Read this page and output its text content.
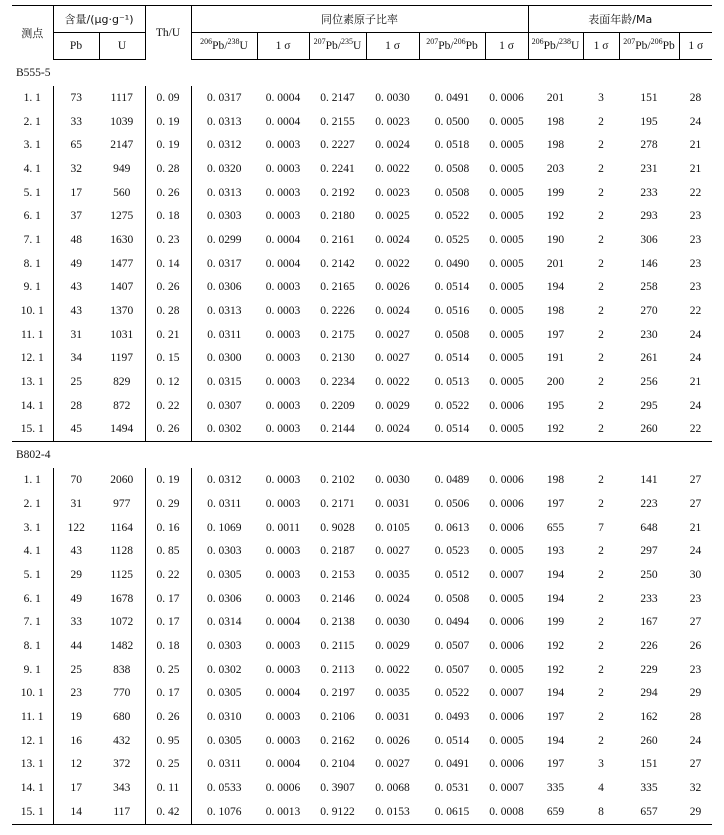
测点	含量/(μg·g⁻¹)		Th/U	同位素原子比率						表面年龄/Ma			
	Pb	U		$^{206}$Pb/$^{238}$U	1 σ	$^{207}$Pb/$^{235}$U	1 σ	$^{207}$Pb/$^{206}$Pb	1 σ	$^{206}$Pb/$^{238}$U	1 σ	$^{207}$Pb/$^{206}$Pb	1 σ
B555-5													
1. 1	73	1117	0. 09	0. 0317	0. 0004	0. 2147	0. 0030	0. 0491	0. 0006	201	3	151	28
2. 1	33	1039	0. 19	0. 0313	0. 0004	0. 2155	0. 0023	0. 0500	0. 0005	198	2	195	24
3. 1	65	2147	0. 19	0. 0312	0. 0003	0. 2227	0. 0024	0. 0518	0. 0005	198	2	278	21
4. 1	32	949	0. 28	0. 0320	0. 0003	0. 2241	0. 0022	0. 0508	0. 0005	203	2	231	21
5. 1	17	560	0. 26	0. 0313	0. 0003	0. 2192	0. 0023	0. 0508	0. 0005	199	2	233	22
6. 1	37	1275	0. 18	0. 0303	0. 0003	0. 2180	0. 0025	0. 0522	0. 0005	192	2	293	23
7. 1	48	1630	0. 23	0. 0299	0. 0004	0. 2161	0. 0024	0. 0525	0. 0005	190	2	306	23
8. 1	49	1477	0. 14	0. 0317	0. 0004	0. 2142	0. 0022	0. 0490	0. 0005	201	2	146	23
9. 1	43	1407	0. 26	0. 0306	0. 0003	0. 2165	0. 0026	0. 0514	0. 0005	194	2	258	23
10. 1	43	1370	0. 28	0. 0313	0. 0003	0. 2226	0. 0024	0. 0516	0. 0005	198	2	270	22
11. 1	31	1031	0. 21	0. 0311	0. 0003	0. 2175	0. 0027	0. 0508	0. 0005	197	2	230	24
12. 1	34	1197	0. 15	0. 0300	0. 0003	0. 2130	0. 0027	0. 0514	0. 0005	191	2	261	24
13. 1	25	829	0. 12	0. 0315	0. 0003	0. 2234	0. 0022	0. 0513	0. 0005	200	2	256	21
14. 1	28	872	0. 22	0. 0307	0. 0003	0. 2209	0. 0029	0. 0522	0. 0006	195	2	295	24
15. 1	45	1494	0. 26	0. 0302	0. 0003	0. 2144	0. 0024	0. 0514	0. 0005	192	2	260	22
B802-4													
1. 1	70	2060	0. 19	0. 0312	0. 0003	0. 2102	0. 0030	0. 0489	0. 0006	198	2	141	27
2. 1	31	977	0. 29	0. 0311	0. 0003	0. 2171	0. 0031	0. 0506	0. 0006	197	2	223	27
3. 1	122	1164	0. 16	0. 1069	0. 0011	0. 9028	0. 0105	0. 0613	0. 0006	655	7	648	21
4. 1	43	1128	0. 85	0. 0303	0. 0003	0. 2187	0. 0027	0. 0523	0. 0005	193	2	297	24
5. 1	29	1125	0. 22	0. 0305	0. 0003	0. 2153	0. 0035	0. 0512	0. 0007	194	2	250	30
6. 1	49	1678	0. 17	0. 0306	0. 0003	0. 2146	0. 0024	0. 0508	0. 0005	194	2	233	23
7. 1	33	1072	0. 17	0. 0314	0. 0004	0. 2138	0. 0030	0. 0494	0. 0006	199	2	167	27
8. 1	44	1482	0. 18	0. 0303	0. 0003	0. 2115	0. 0029	0. 0507	0. 0006	192	2	226	26
9. 1	25	838	0. 25	0. 0302	0. 0003	0. 2113	0. 0022	0. 0507	0. 0005	192	2	229	23
10. 1	23	770	0. 17	0. 0305	0. 0004	0. 2197	0. 0035	0. 0522	0. 0007	194	2	294	29
11. 1	19	680	0. 26	0. 0310	0. 0003	0. 2106	0. 0031	0. 0493	0. 0006	197	2	162	28
12. 1	16	432	0. 95	0. 0305	0. 0003	0. 2162	0. 0026	0. 0514	0. 0005	194	2	260	24
13. 1	12	372	0. 25	0. 0311	0. 0004	0. 2104	0. 0027	0. 0491	0. 0006	197	3	151	27
14. 1	17	343	0. 11	0. 0533	0. 0006	0. 3907	0. 0068	0. 0531	0. 0007	335	4	335	32
15. 1	14	117	0. 42	0. 1076	0. 0013	0. 9122	0. 0153	0. 0615	0. 0008	659	8	657	29
